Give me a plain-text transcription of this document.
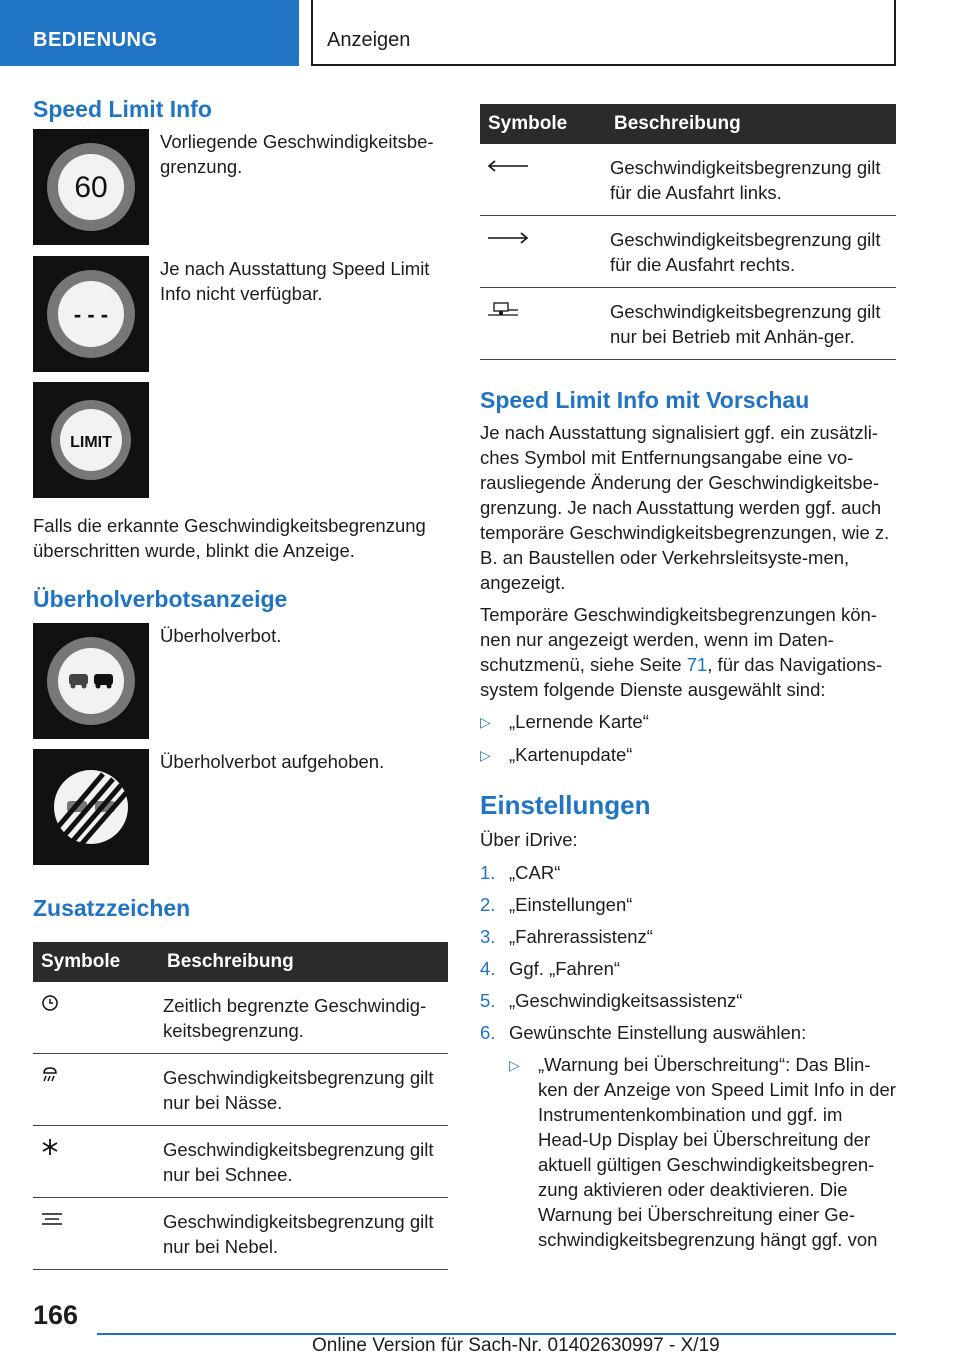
BEDIENUNG	Anzeigen
Speed Limit Info
60
Vorliegende Geschwindigkeitsbe-grenzung.
- - -
Je nach Ausstattung Speed Limit Info nicht verfügbar.
LIMIT

Falls die erkannte Geschwindigkeitsbegrenzung überschritten wurde, blinkt die Anzeige.

Überholverbotsanzeige
Überholverbot.
Überholverbot aufgehoben.
Zusatzzeichen
Symbole	Beschreibung
	Zeitlich begrenzte Geschwindig-keitsbegrenzung.
	Geschwindigkeitsbegrenzung gilt nur bei Nässe.
	Geschwindigkeitsbegrenzung gilt nur bei Schnee.
	Geschwindigkeitsbegrenzung gilt nur bei Nebel.
Symbole	Beschreibung
	Geschwindigkeitsbegrenzung gilt für die Ausfahrt links.
	Geschwindigkeitsbegrenzung gilt für die Ausfahrt rechts.
	Geschwindigkeitsbegrenzung gilt nur bei Betrieb mit Anhän-ger.
Speed Limit Info mit Vorschau

Je nach Ausstattung signalisiert ggf. ein zusätzli-ches Symbol mit Entfernungsangabe eine vo-rausliegende Änderung der Geschwindigkeitsbe-grenzung. Je nach Ausstattung werden ggf. auch temporäre Geschwindigkeitsbegrenzungen, wie z. B. an Baustellen oder Verkehrsleitsyste-men, angezeigt.

Temporäre Geschwindigkeitsbegrenzungen kön-nen nur angezeigt werden, wenn im Daten-schutzmenü, siehe Seite 71, für das Navigations-system folgende Dienste ausgewählt sind:

▷ „Lernende Karte“
▷ „Kartenupdate“
Einstellungen

Über iDrive:

1. „CAR“
2. „Einstellungen“
3. „Fahrerassistenz“
4. Ggf. „Fahren“
5. „Geschwindigkeitsassistenz“
6. Gewünschte Einstellung auswählen:
▷ „Warnung bei Überschreitung“: Das Blin-ken der Anzeige von Speed Limit Info in der Instrumentenkombination und ggf. im Head-Up Display bei Überschreitung der aktuell gültigen Geschwindigkeitsbegren-zung aktivieren oder deaktivieren. Die Warnung bei Überschreitung einer Ge-schwindigkeitsbegrenzung hängt ggf. von
166
Online Version für Sach-Nr. 01402630997 - X/19
